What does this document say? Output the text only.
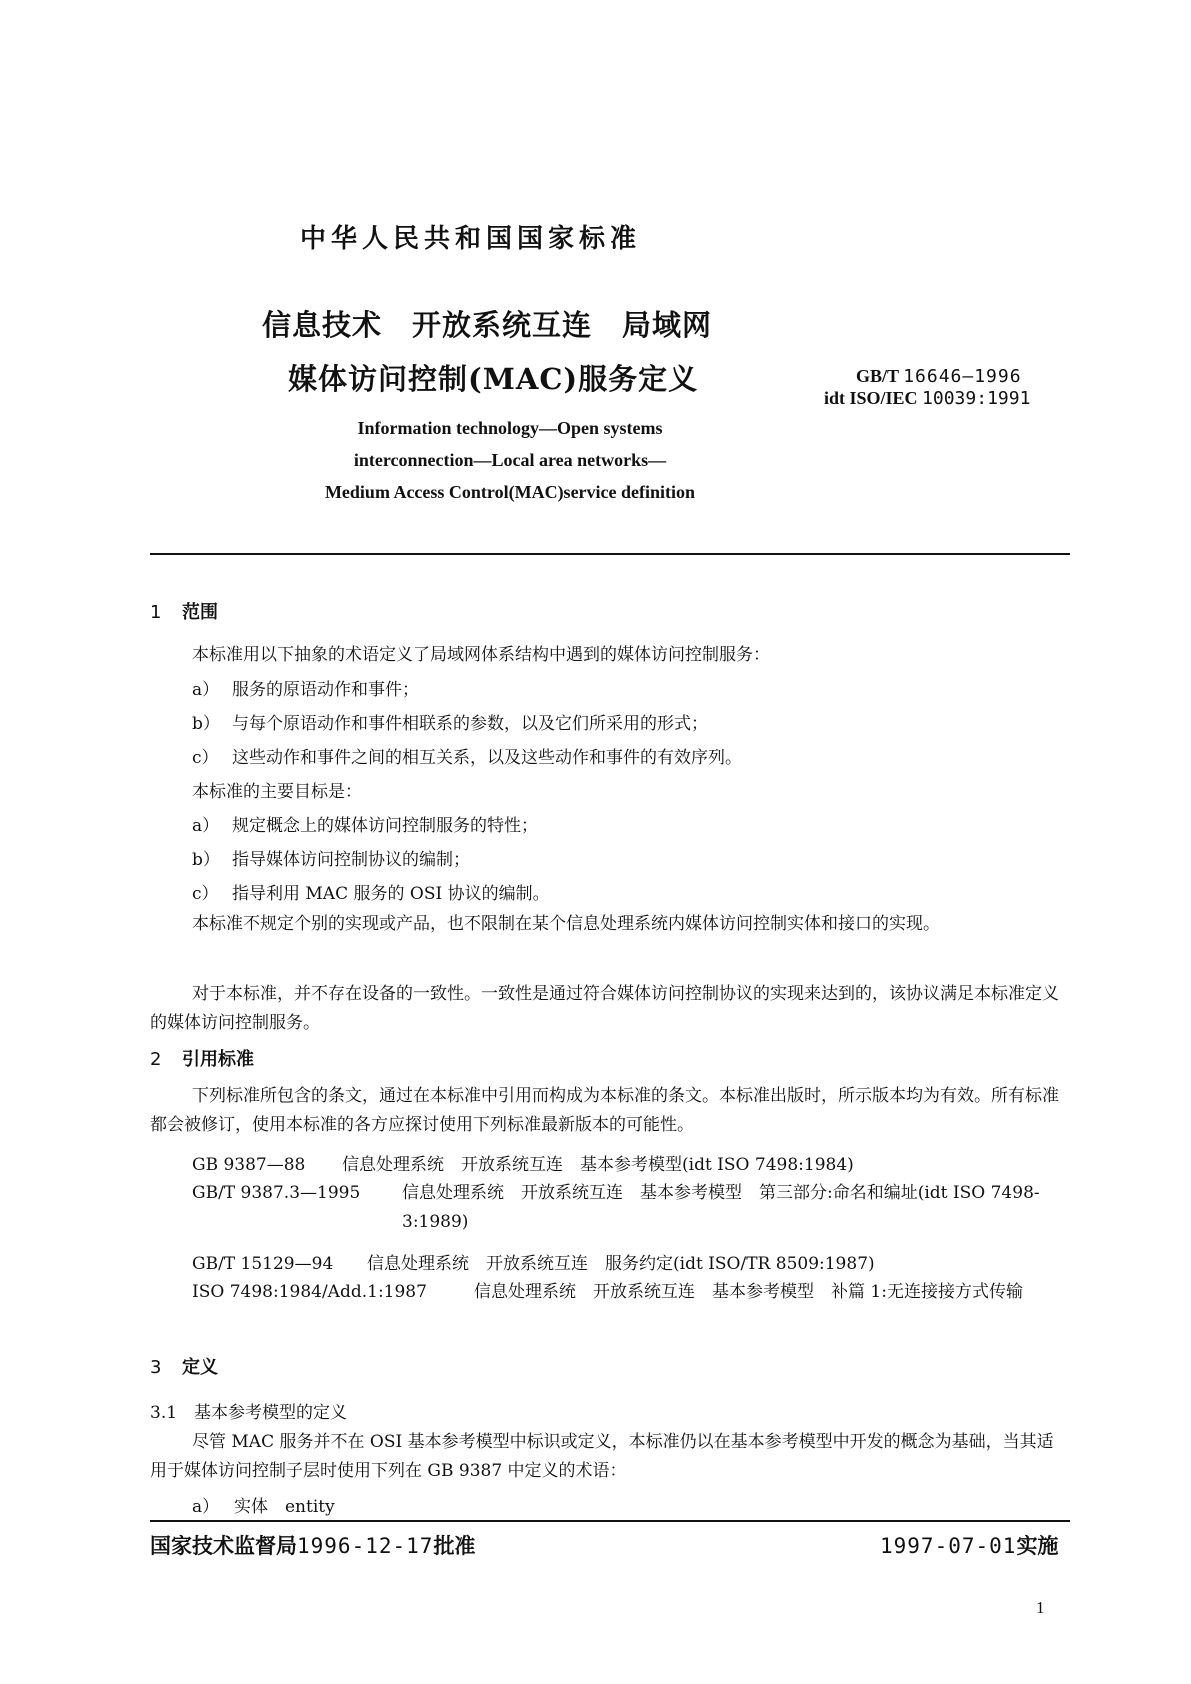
中华人民共和国国家标准
信息技术　开放系统互连　局域网
媒体访问控制(MAC)服务定义	GB/T 16646—1996
idt ISO/IEC 10039:1991
Information technology—Open systems
interconnection—Local area networks—
Medium Access Control(MAC)service definition
1 范围
本标准用以下抽象的术语定义了局域网体系结构中遇到的媒体访问控制服务：
a） 服务的原语动作和事件；
b） 与每个原语动作和事件相联系的参数，以及它们所采用的形式；
c） 这些动作和事件之间的相互关系，以及这些动作和事件的有效序列。
本标准的主要目标是：
a） 规定概念上的媒体访问控制服务的特性；
b） 指导媒体访问控制协议的编制；
c） 指导利用 MAC 服务的 OSI 协议的编制。
本标准不规定个别的实现或产品，也不限制在某个信息处理系统内媒体访问控制实体和接口的实现。
对于本标准，并不存在设备的一致性。一致性是通过符合媒体访问控制协议的实现来达到的，该协议满足本标准定义的媒体访问控制服务。
2 引用标准
下列标准所包含的条文，通过在本标准中引用而构成为本标准的条文。本标准出版时，所示版本均为有效。所有标准都会被修订，使用本标准的各方应探讨使用下列标准最新版本的可能性。
GB 9387—88 信息处理系统　开放系统互连　基本参考模型(idt ISO 7498:1984)
GB/T 9387.3—1995 信息处理系统　开放系统互连　基本参考模型　第三部分:命名和编址(idt ISO 7498-3:1989)
GB/T 15129—94 信息处理系统　开放系统互连　服务约定(idt ISO/TR 8509:1987)
ISO 7498:1984/Add.1:1987	信息处理系统　开放系统互连　基本参考模型　补篇 1:无连接接方式传输
3 定义
3.1 基本参考模型的定义
尽管 MAC 服务并不在 OSI 基本参考模型中标识或定义，本标准仍以在基本参考模型中开发的概念为基础，当其适用于媒体访问控制子层时使用下列在 GB 9387 中定义的术语：
a） 实体　entity
国家技术监督局1996-12-17批准	1997-07-01实施
1
